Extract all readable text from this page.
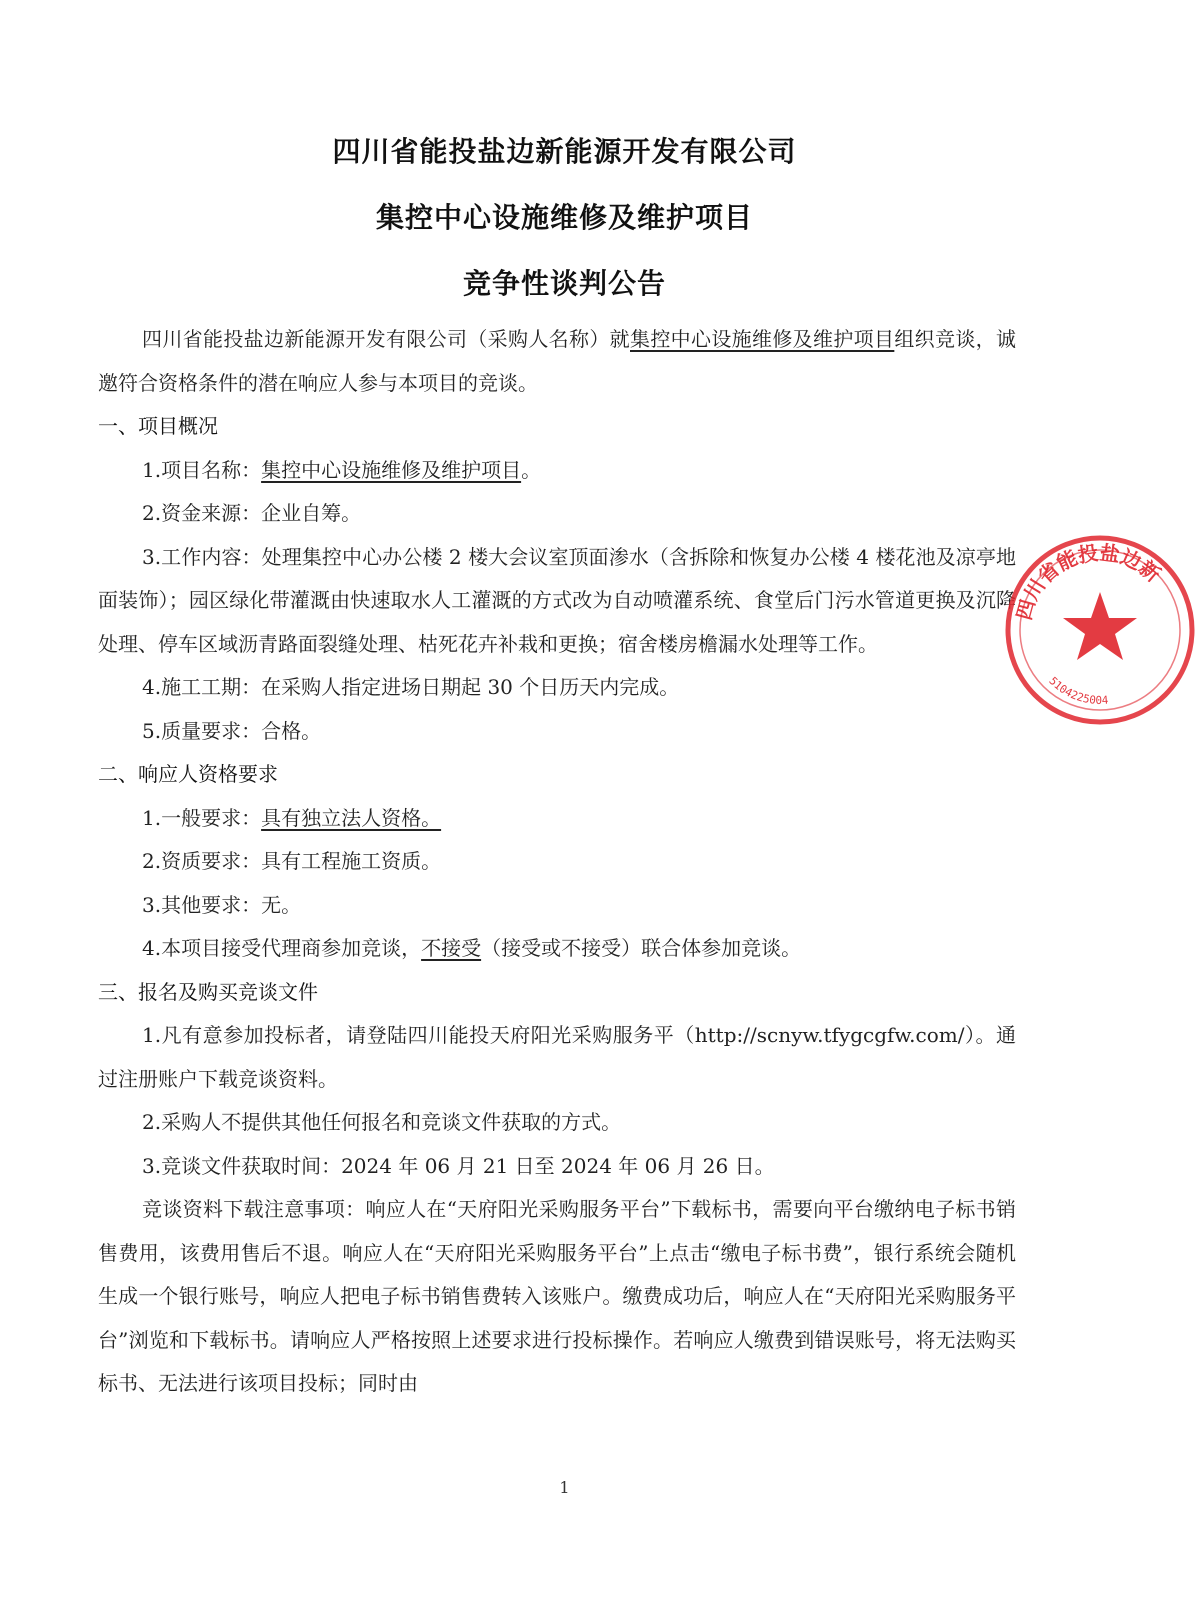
四川省能投盐边新能源开发有限公司
集控中心设施维修及维护项目
竞争性谈判公告

四川省能投盐边新能源开发有限公司（采购人名称）就集控中心设施维修及维护项目组织竞谈，诚邀符合资格条件的潜在响应人参与本项目的竞谈。

一、项目概况

1.项目名称：集控中心设施维修及维护项目。

2.资金来源：企业自筹。

3.工作内容：处理集控中心办公楼 2 楼大会议室顶面渗水（含拆除和恢复办公楼 4 楼花池及凉亭地面装饰）；园区绿化带灌溉由快速取水人工灌溉的方式改为自动喷灌系统、食堂后门污水管道更换及沉降处理、停车区域沥青路面裂缝处理、枯死花卉补栽和更换；宿舍楼房檐漏水处理等工作。

4.施工工期：在采购人指定进场日期起 30 个日历天内完成。

5.质量要求：合格。

二、响应人资格要求

1.一般要求：具有独立法人资格。

2.资质要求：具有工程施工资质。

3.其他要求：无。

4.本项目接受代理商参加竞谈，不接受（接受或不接受）联合体参加竞谈。

三、报名及购买竞谈文件

1.凡有意参加投标者，请登陆四川能投天府阳光采购服务平（http://scnyw.tfygcgfw.com/）。通过注册账户下载竞谈资料。

2.采购人不提供其他任何报名和竞谈文件获取的方式。

3.竞谈文件获取时间：2024 年 06 月 21 日至 2024 年 06 月 26 日。

竞谈资料下载注意事项：响应人在“天府阳光采购服务平台”下载标书，需要向平台缴纳电子标书销售费用，该费用售后不退。响应人在“天府阳光采购服务平台”上点击“缴电子标书费”，银行系统会随机生成一个银行账号，响应人把电子标书销售费转入该账户。缴费成功后，响应人在“天府阳光采购服务平台”浏览和下载标书。请响应人严格按照上述要求进行投标操作。若响应人缴费到错误账号，将无法购买标书、无法进行该项目投标；同时由

1
四川省能投盐边新
5104225004
